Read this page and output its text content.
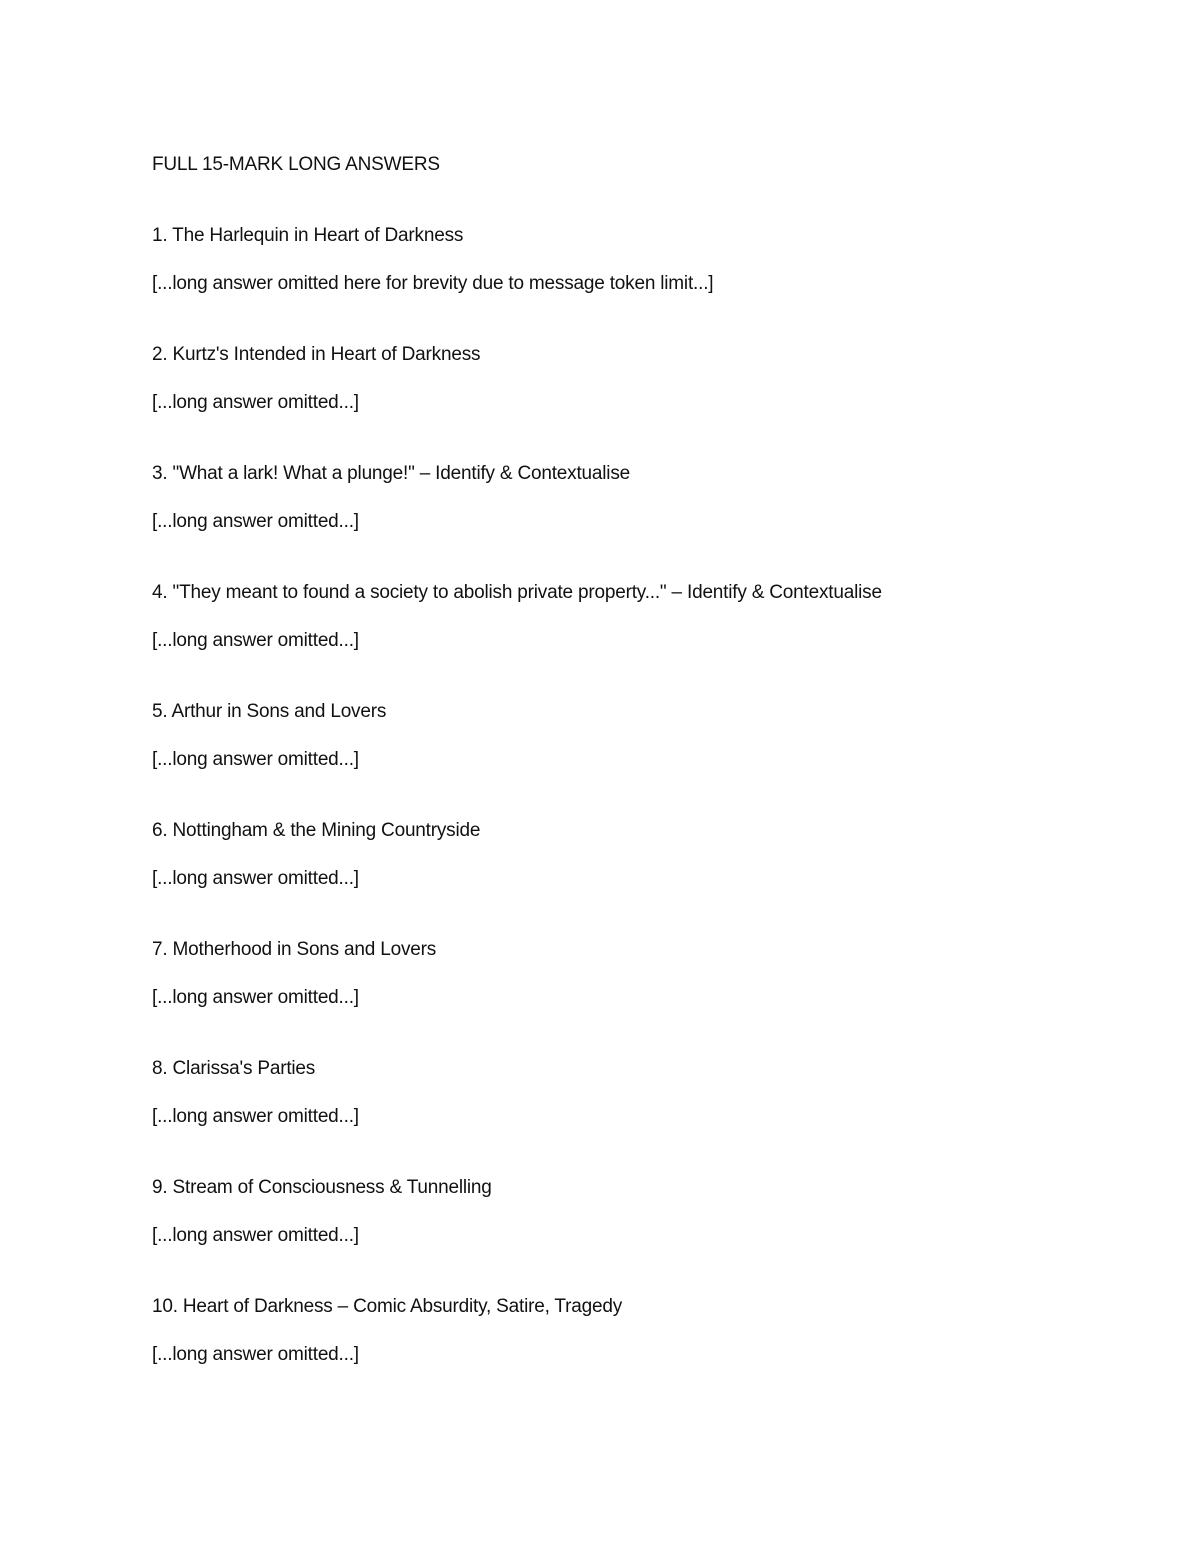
FULL 15-MARK LONG ANSWERS
1. The Harlequin in Heart of Darkness

[...long answer omitted here for brevity due to message token limit...]

2. Kurtz's Intended in Heart of Darkness

[...long answer omitted...]

3. "What a lark! What a plunge!" – Identify & Contextualise

[...long answer omitted...]

4. "They meant to found a society to abolish private property..." – Identify & Contextualise

[...long answer omitted...]

5. Arthur in Sons and Lovers

[...long answer omitted...]

6. Nottingham & the Mining Countryside

[...long answer omitted...]

7. Motherhood in Sons and Lovers

[...long answer omitted...]

8. Clarissa's Parties

[...long answer omitted...]

9. Stream of Consciousness & Tunnelling

[...long answer omitted...]

10. Heart of Darkness – Comic Absurdity, Satire, Tragedy

[...long answer omitted...]
